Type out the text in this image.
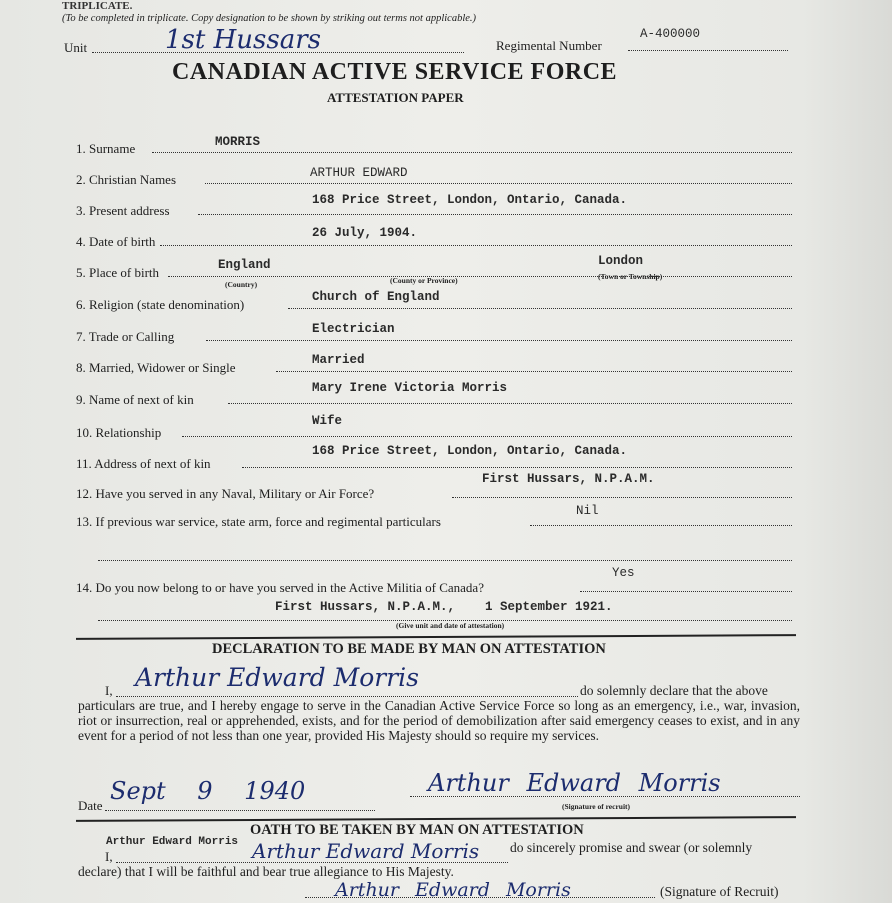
TRIPLICATE.
(To be completed in triplicate. Copy designation to be shown by striking out terms not applicable.)
Unit	1st Hussars	Regimental Number
A-400000
CANADIAN ACTIVE SERVICE FORCE
ATTESTATION PAPER
1. Surname	MORRIS
2. Christian Names	ARTHUR EDWARD
3. Present address
168 Price Street, London, Ontario, Canada.
4. Date of birth
26 July, 1904.
5. Place of birth	England	London
(Country)	(County or Province)	(Town or Township)
6. Religion (state denomination)	Church of England
7. Trade or Calling	Electrician
8. Married, Widower or Single	Married
9. Name of next of kin
Mary Irene Victoria Morris
10. Relationship
Wife
11. Address of next of kin
168 Price Street, London, Ontario, Canada.
12. Have you served in any Naval, Military or Air Force?
First Hussars, N.P.A.M.
13. If previous war service, state arm, force and regimental particulars
Nil
14. Do you now belong to or have you served in the Active Militia of Canada?
Yes
First Hussars, N.P.A.M.,    1 September 1921.
(Give unit and date of attestation)
DECLARATION TO BE MADE BY MAN ON ATTESTATION
I, Arthur Edward Morris	do solemnly declare that the above
particulars are true, and I hereby engage to serve in the Canadian Active Service Force so long as an emergency, i.e., war, invasion, riot or insurrection, real or apprehended, exists, and for the period of demobilization after said emergency ceases to exist, and in any event for a period of not less than one year, provided His Majesty should so require my services.
Date
Sept 9 1940	Arthur Edward Morris
(Signature of recruit)
OATH TO BE TAKEN BY MAN ON ATTESTATION
Arthur Edward Morris
I,	Arthur Edward Morris do sincerely promise and swear (or solemnly
declare) that I will be faithful and bear true allegiance to His Majesty.
Arthur Edward Morris	(Signature of Recruit)
